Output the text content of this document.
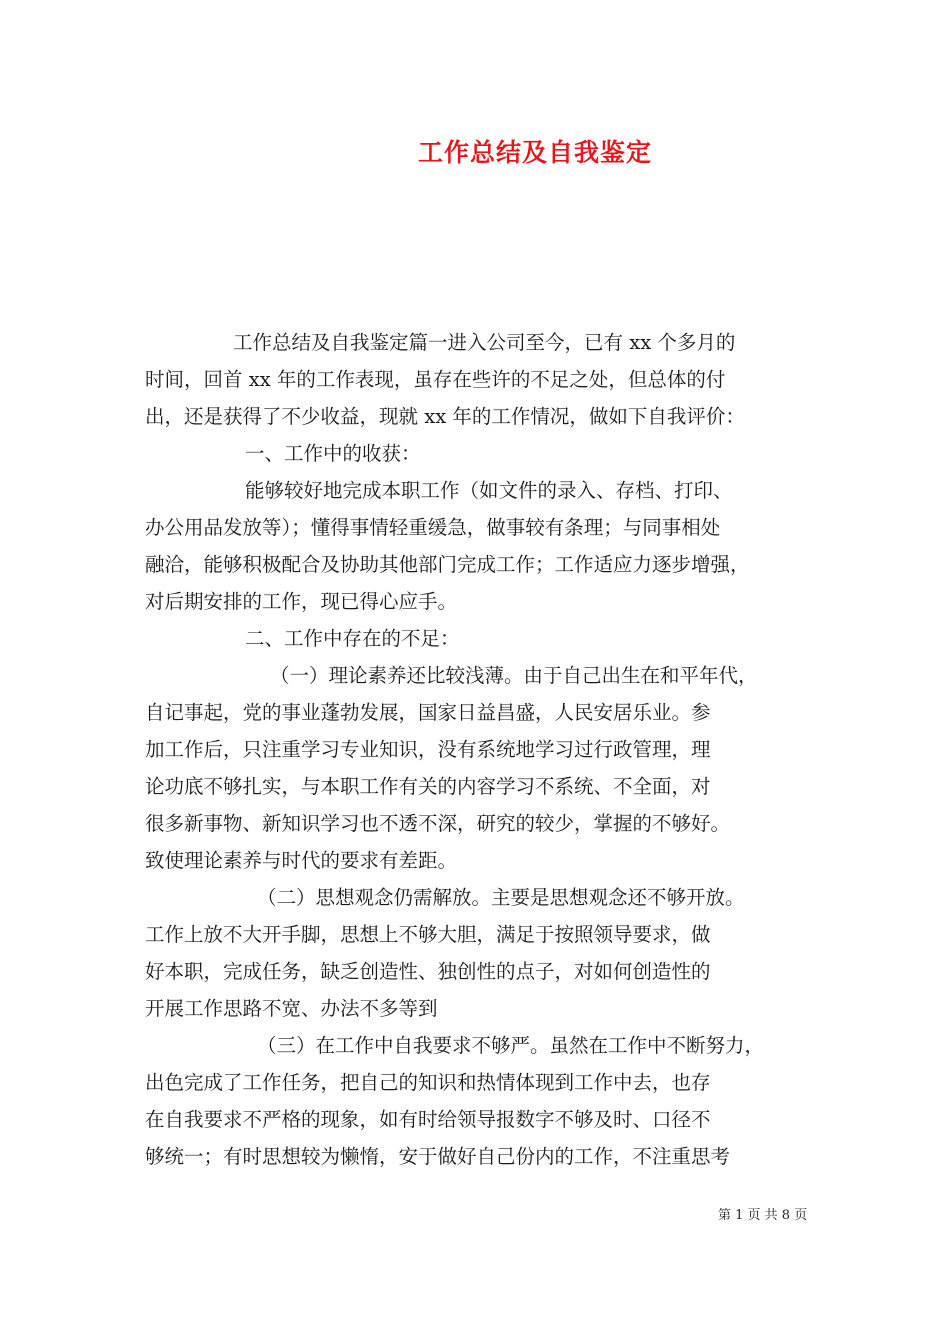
工作总结及自我鉴定
工作总结及自我鉴定篇一进入公司至今，已有 xx 个多月的
时间，回首 xx 年的工作表现，虽存在些许的不足之处，但总体的付
出，还是获得了不少收益，现就 xx 年的工作情况，做如下自我评价：
一、工作中的收获：
能够较好地完成本职工作（如文件的录入、存档、打印、
办公用品发放等）；懂得事情轻重缓急，做事较有条理；与同事相处
融洽，能够积极配合及协助其他部门完成工作；工作适应力逐步增强，
对后期安排的工作，现已得心应手。
二、工作中存在的不足：
（一）理论素养还比较浅薄。由于自己出生在和平年代，
自记事起，党的事业蓬勃发展，国家日益昌盛，人民安居乐业。参
加工作后，只注重学习专业知识，没有系统地学习过行政管理，理
论功底不够扎实，与本职工作有关的内容学习不系统、不全面，对
很多新事物、新知识学习也不透不深，研究的较少，掌握的不够好。
致使理论素养与时代的要求有差距。
（二）思想观念仍需解放。主要是思想观念还不够开放。
工作上放不大开手脚，思想上不够大胆，满足于按照领导要求，做
好本职，完成任务，缺乏创造性、独创性的点子，对如何创造性的
开展工作思路不宽、办法不多等到
（三）在工作中自我要求不够严。虽然在工作中不断努力，
出色完成了工作任务，把自己的知识和热情体现到工作中去，也存
在自我要求不严格的现象，如有时给领导报数字不够及时、口径不
够统一；有时思想较为懒惰，安于做好自己份内的工作，不注重思考
第 1 页 共 8 页
